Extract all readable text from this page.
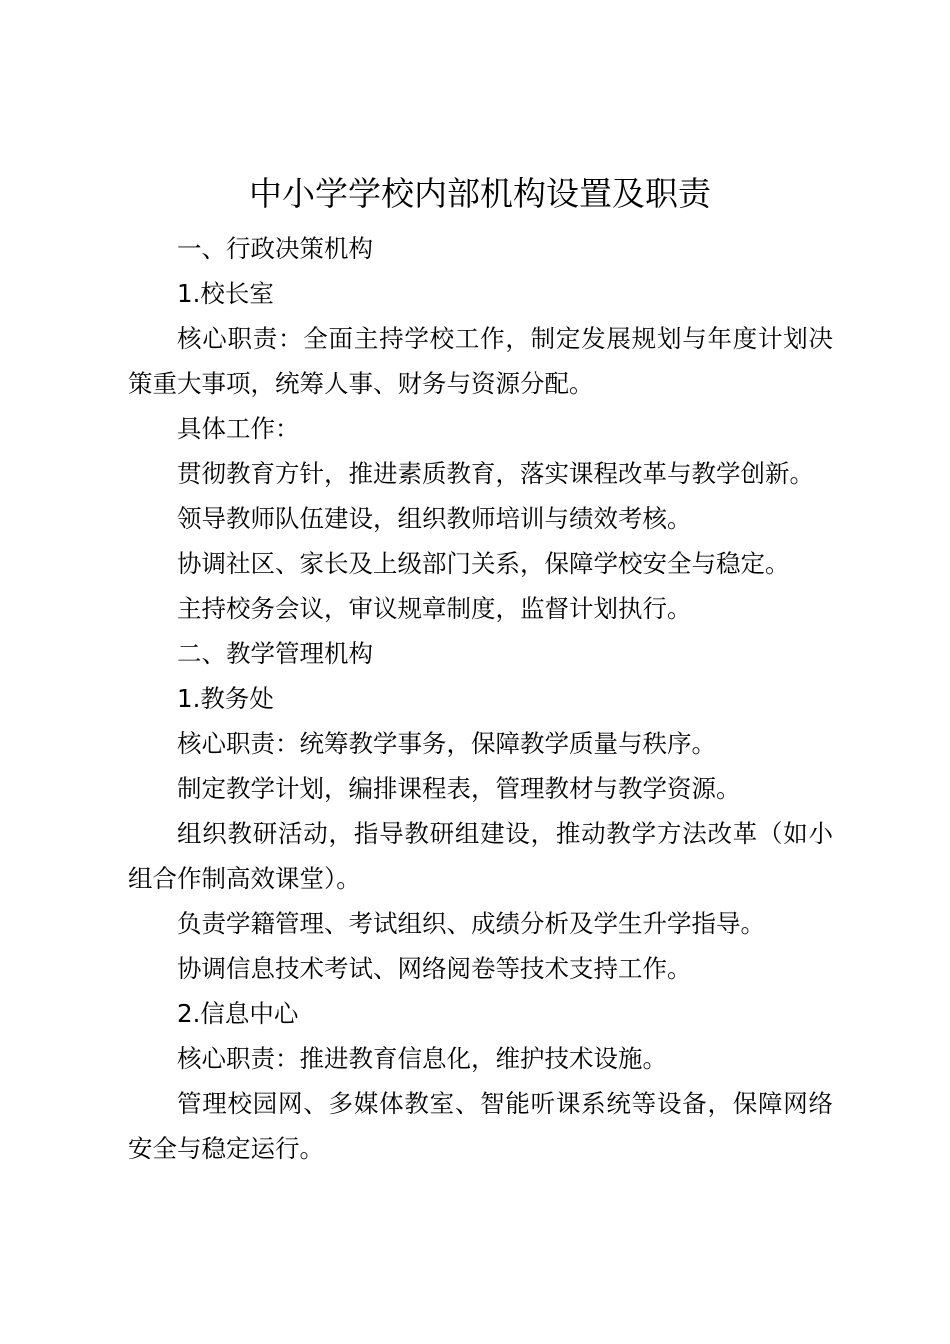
中小学学校内部机构设置及职责

一、行政决策机构

1.校长室

核心职责：全面主持学校工作，制定发展规划与年度计划决策重大事项，统筹人事、财务与资源分配。

具体工作：

贯彻教育方针，推进素质教育，落实课程改革与教学创新。

领导教师队伍建设，组织教师培训与绩效考核。

协调社区、家长及上级部门关系，保障学校安全与稳定。

主持校务会议，审议规章制度，监督计划执行。

二、教学管理机构

1.教务处

核心职责：统筹教学事务，保障教学质量与秩序。

制定教学计划，编排课程表，管理教材与教学资源。

组织教研活动，指导教研组建设，推动教学方法改革（如小组合作制高效课堂）。

负责学籍管理、考试组织、成绩分析及学生升学指导。

协调信息技术考试、网络阅卷等技术支持工作。

2.信息中心

核心职责：推进教育信息化，维护技术设施。

管理校园网、多媒体教室、智能听课系统等设备，保障网络安全与稳定运行。
